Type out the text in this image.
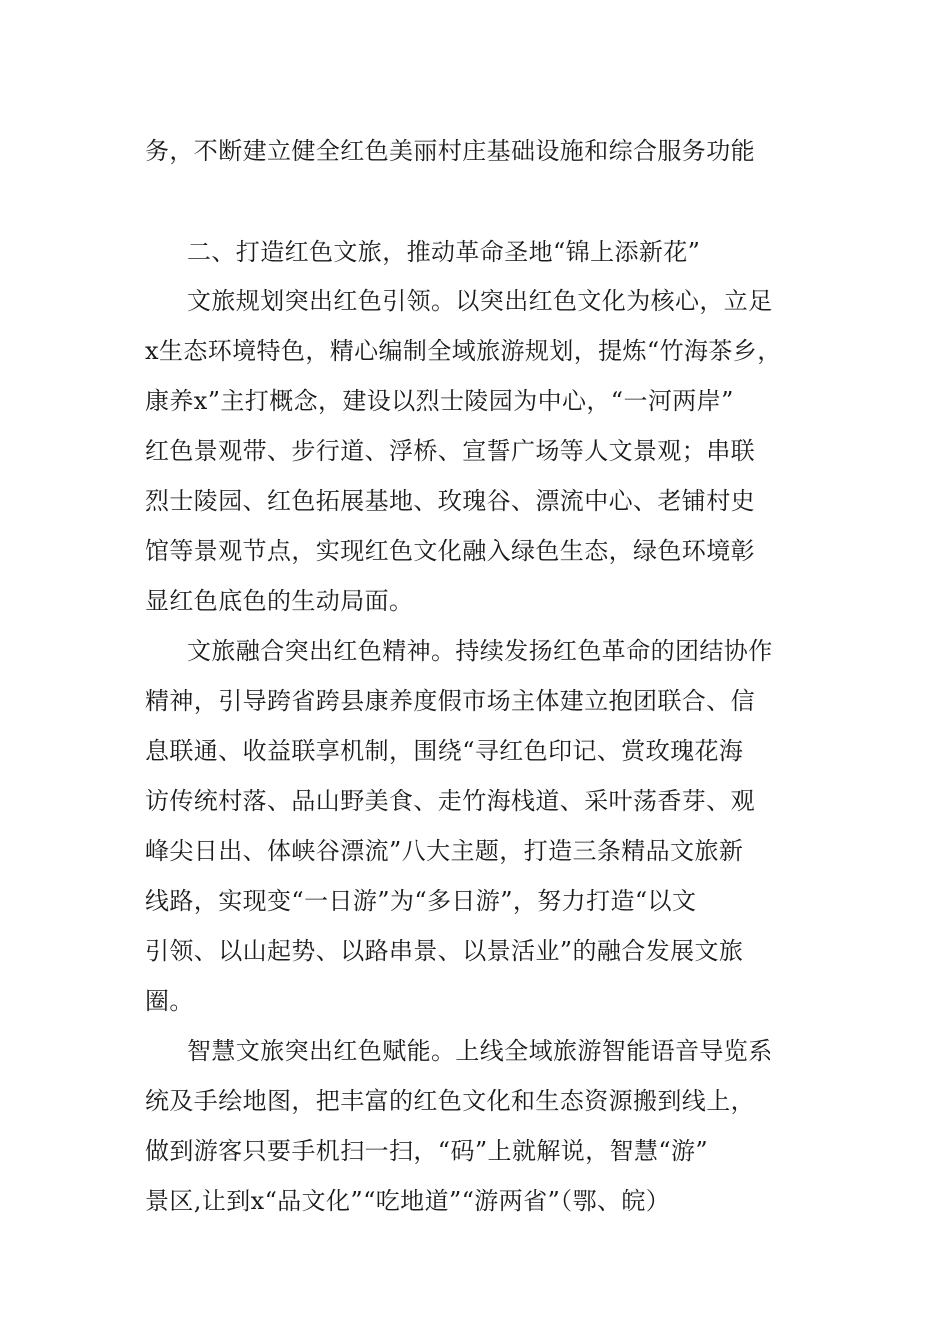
务，不断建立健全红色美丽村庄基础设施和综合服务功能
二、打造红色文旅，推动革命圣地“锦上添新花”
文旅规划突出红色引领。以突出红色文化为核心，立足
x生态环境特色，精心编制全域旅游规划，提炼“竹海茶乡，
康养x”主打概念，建设以烈士陵园为中心，“一河两岸”
红色景观带、步行道、浮桥、宣誓广场等人文景观；串联
烈士陵园、红色拓展基地、玫瑰谷、漂流中心、老铺村史
馆等景观节点，实现红色文化融入绿色生态，绿色环境彰
显红色底色的生动局面。
文旅融合突出红色精神。持续发扬红色革命的团结协作
精神，引导跨省跨县康养度假市场主体建立抱团联合、信
息联通、收益联享机制，围绕“寻红色印记、赏玫瑰花海
访传统村落、品山野美食、走竹海栈道、采叶荡香芽、观
峰尖日出、体峡谷漂流”八大主题，打造三条精品文旅新
线路，实现变“一日游”为“多日游”，努力打造“以文
引领、以山起势、以路串景、以景活业”的融合发展文旅
圈。
智慧文旅突出红色赋能。上线全域旅游智能语音导览系
统及手绘地图，把丰富的红色文化和生态资源搬到线上，
做到游客只要手机扫一扫，“码”上就解说，智慧“游”
景区,让到x“品文化”“吃地道”“游两省”（鄂、皖）
